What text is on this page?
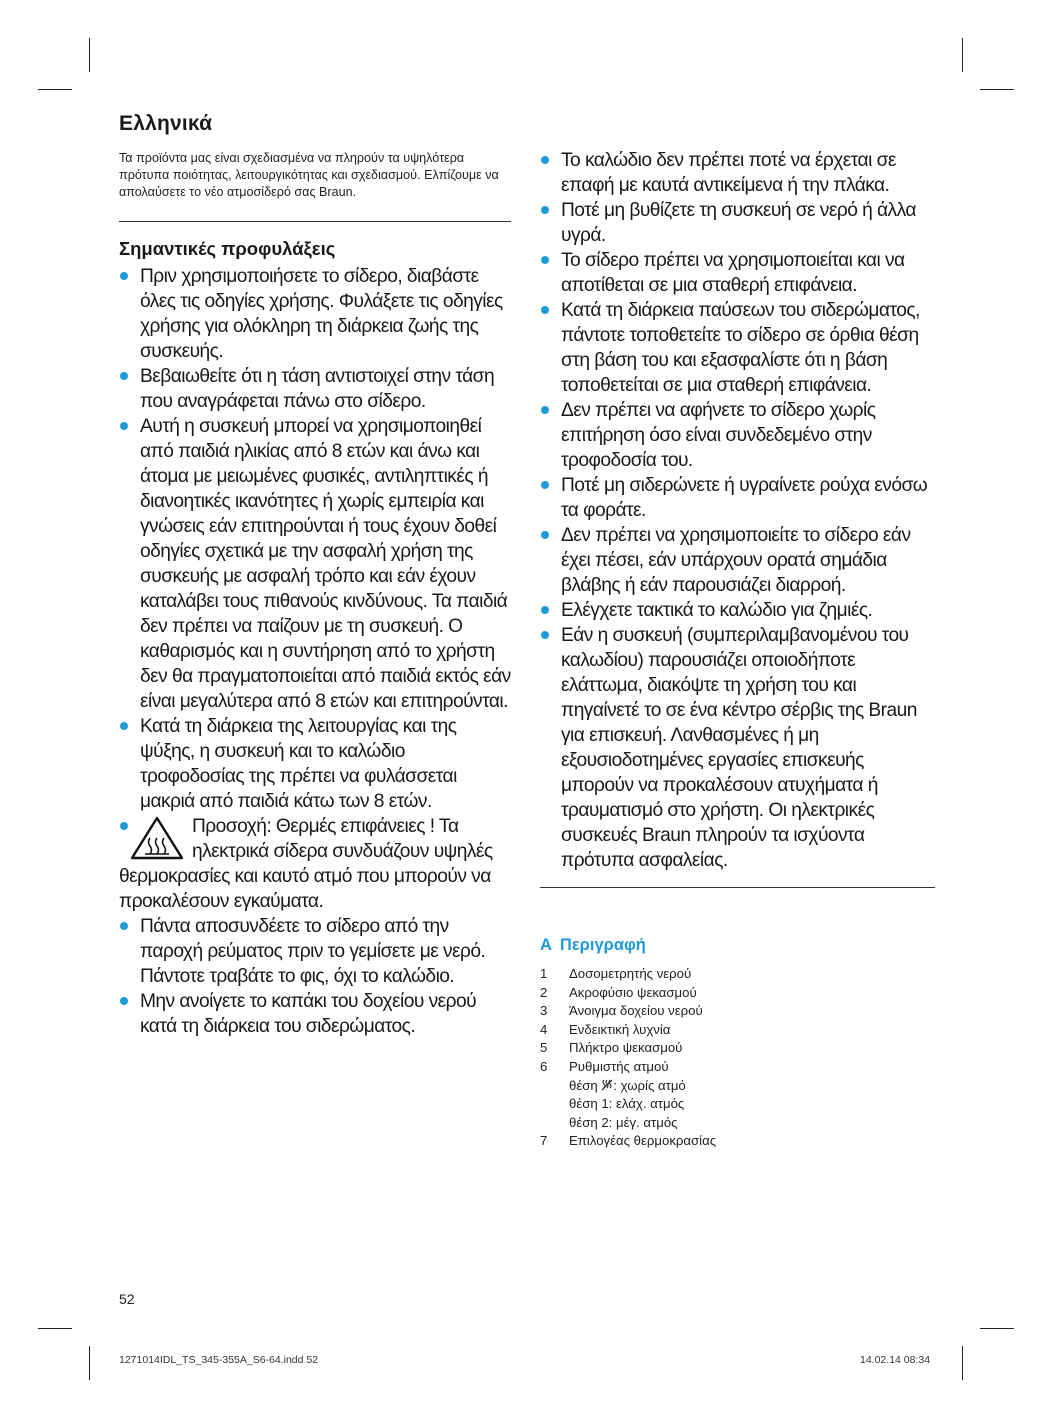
Ελληνικά

Τα προϊόντα μας είναι σχεδιασμένα να πληρούν τα υψηλότερα πρότυπα ποιότητας, λειτουργικότητας και σχεδιασμού. Ελπίζουμε να απολαύσετε το νέο ατμοσίδερό σας Braun.

Σημαντικές προφυλάξεις
Πριν χρησιμοποιήσετε το σίδερο, διαβάστε όλες τις οδηγίες χρήσης. Φυλάξετε τις οδηγίες χρήσης για ολόκληρη τη διάρκεια ζωής της συσκευής.
Βεβαιωθείτε ότι η τάση αντιστοιχεί στην τάση που αναγράφεται πάνω στο σίδερο.
Αυτή η συσκευή μπορεί να χρησιμοποιηθεί από παιδιά ηλικίας από 8 ετών και άνω και άτομα με μειωμένες φυσικές, αντιληπτικές ή διανοητικές ικανότητες ή χωρίς εμπειρία και γνώσεις εάν επιτηρούνται ή τους έχουν δοθεί οδηγίες σχετικά με την ασφαλή χρήση της συσκευής με ασφαλή τρόπο και εάν έχουν καταλάβει τους πιθανούς κινδύνους. Τα παιδιά δεν πρέπει να παίζουν με τη συσκευή. Ο καθαρισμός και η συντήρηση από το χρήστη δεν θα πραγματοποιείται από παιδιά εκτός εάν είναι μεγαλύτερα από 8 ετών και επιτηρούνται.
Κατά τη διάρκεια της λειτουργίας και της ψύξης, η συσκευή και το καλώδιο τροφοδοσίας της πρέπει να φυλάσσεται μακριά από παιδιά κάτω των 8 ετών.
Προσοχή: Θερμές επιφάνειες ! Τα ηλεκτρικά σίδερα συνδυάζουν υψηλές θερμοκρασίες και καυτό ατμό που μπορούν να προκαλέσουν εγκαύματα.
Πάντα αποσυνδέετε το σίδερο από την παροχή ρεύματος πριν το γεμίσετε με νερό. Πάντοτε τραβάτε το φις, όχι το καλώδιο.
Μην ανοίγετε το καπάκι του δοχείου νερού κατά τη διάρκεια του σιδερώματος.
Το καλώδιο δεν πρέπει ποτέ να έρχεται σε επαφή με καυτά αντικείμενα ή την πλάκα.
Ποτέ μη βυθίζετε τη συσκευή σε νερό ή άλλα υγρά.
Το σίδερο πρέπει να χρησιμοποιείται και να αποτίθεται σε μια σταθερή επιφάνεια.
Κατά τη διάρκεια παύσεων του σιδερώματος, πάντοτε τοποθετείτε το σίδερο σε όρθια θέση στη βάση του και εξασφαλίστε ότι η βάση τοποθετείται σε μια σταθερή επιφάνεια.
Δεν πρέπει να αφήνετε το σίδερο χωρίς επιτήρηση όσο είναι συνδεδεμένο στην τροφοδοσία του.
Ποτέ μη σιδερώνετε ή υγραίνετε ρούχα ενόσω τα φοράτε.
Δεν πρέπει να χρησιμοποιείτε το σίδερο εάν έχει πέσει, εάν υπάρχουν ορατά σημάδια βλάβης ή εάν παρουσιάζει διαρροή.
Ελέγχετε τακτικά το καλώδιο για ζημιές.
Εάν η συσκευή (συμπεριλαμβανομένου του καλωδίου) παρουσιάζει οποιοδήποτε ελάττωμα, διακόψτε τη χρήση του και πηγαίνετέ το σε ένα κέντρο σέρβις της Braun για επισκευή. Λανθασμένες ή μη εξουσιοδοτημένες εργασίες επισκευής μπορούν να προκαλέσουν ατυχήματα ή τραυματισμό στο χρήστη. Οι ηλεκτρικές συσκευές Braun πληρούν τα ισχύοντα πρότυπα ασφαλείας.
A Περιγραφή
1	Δοσομετρητής νερού
2	Ακροφύσιο ψεκασμού
3	Άνοιγμα δοχείου νερού
4	Ενδεικτική λυχνία
5	Πλήκτρο ψεκασμού
6	Ρυθμιστής ατμού
θέση : χωρίς ατμό
θέση 1: ελάχ. ατμός
θέση 2: μέγ. ατμός
7	Επιλογέας θερμοκρασίας
52
1271014IDL_TS_345-355A_S6-64.indd 52	14.02.14 08:34
